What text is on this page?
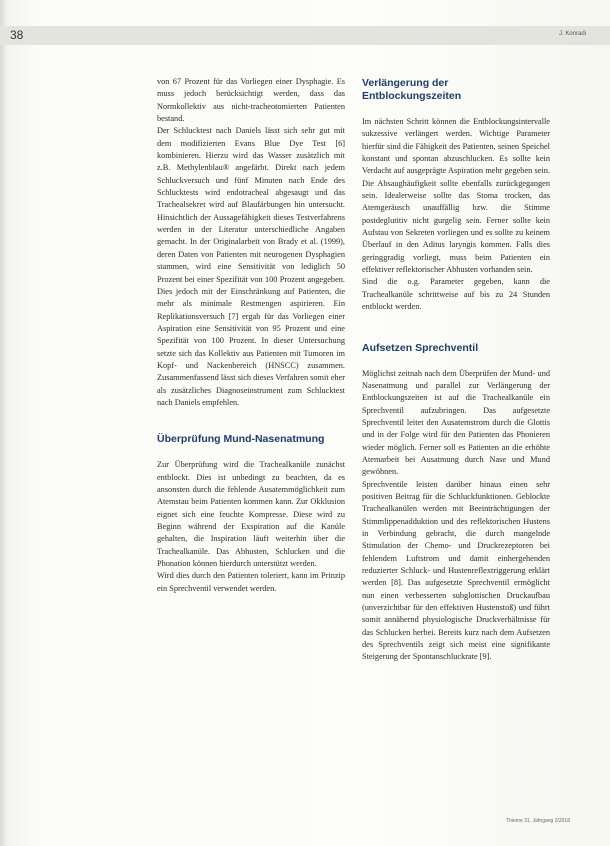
38	J. Konradi

von 67 Prozent für das Vorliegen einer Dysphagie. Es muss jedoch berücksichtigt werden, dass das Normkollektiv aus nicht-tracheotomierten Patienten bestand.

Der Schlucktest nach Daniels lässt sich sehr gut mit dem modifizierten Evans Blue Dye Test [6] kombinieren. Hierzu wird das Wasser zusätzlich mit z.B. Methylenblau® angefärbt. Direkt nach jedem Schluckversuch und fünf Minuten nach Ende des Schlucktests wird endotracheal abgesaugt und das Trachealsekret wird auf Blaufärbungen hin untersucht. Hinsichtlich der Aussagefähigkeit dieses Testverfahrens werden in der Literatur unterschiedliche Angaben gemacht. In der Originalarbeit von Brady et al. (1999), deren Daten von Patienten mit neurogenen Dysphagien stammen, wird eine Sensitivität von lediglich 50 Prozent bei einer Spezifität von 100 Prozent angegeben. Dies jedoch mit der Einschränkung auf Patienten, die mehr als minimale Restmengen aspirieren. Ein Replikationsversuch [7] ergab für das Vorliegen einer Aspiration eine Sensitivität von 95 Prozent und eine Spezifität von 100 Prozent. In dieser Untersuchung setzte sich das Kollektiv aus Patienten mit Tumoren im Kopf- und Nackenbereich (HNSCC) zusammen. Zusammenfassend lässt sich dieses Verfahren somit eher als zusätzliches Diagnoseinstrument zum Schlucktest nach Daniels empfehlen.

Überprüfung Mund-Nasenatmung

Zur Überprüfung wird die Trachealkanüle zunächst entblockt. Dies ist unbedingt zu beachten, da es ansonsten durch die fehlende Ausatemmöglichkeit zum Atemstau beim Patienten kommen kann. Zur Okklusion eignet sich eine feuchte Kompresse. Diese wird zu Beginn während der Exspiration auf die Kanüle gehalten, die Inspiration läuft weiterhin über die Trachealkanüle. Das Abhusten, Schlucken und die Phonation können hierdurch unterstützt werden.

Wird dies durch den Patienten toleriert, kann im Prinzip ein Sprechventil verwendet werden.

Verlängerung der Entblockungszeiten

Im nächsten Schritt können die Entblockungsintervalle sukzessive verlängert werden. Wichtige Parameter hierfür sind die Fähigkeit des Patienten, seinen Speichel konstant und spontan abzuschlucken. Es sollte kein Verdacht auf ausgeprägte Aspiration mehr gegeben sein. Die Absaughäufigkeit sollte ebenfalls zurückgegangen sein. Idealerweise sollte das Stoma trocken, das Atemgeräusch unauffällig bzw. die Stimme postdeglutitiv nicht gurgelig sein. Ferner sollte kein Aufstau von Sekreten vorliegen und es sollte zu keinem Überlauf in den Aditus laryngis kommen. Falls dies geringgradig vorliegt, muss beim Patienten ein effektiver reflektorischer Abhusten vorhanden sein.

Sind die o.g. Parameter gegeben, kann die Trachealkanüle schrittweise auf bis zu 24 Stunden entblockt werden.

Aufsetzen Sprechventil

Möglichst zeitnah nach dem Überprüfen der Mund- und Nasenatmung und parallel zur Verlängerung der Entblockungszeiten ist auf die Trachealkanüle ein Sprechventil aufzubringen. Das aufgesetzte Sprechventil leitet den Ausatemstrom durch die Glottis und in der Folge wird für den Patienten das Phonieren wieder möglich. Ferner soll es Patienten an die erhöhte Atemarbeit bei Ausatmung durch Nase und Mund gewöhnen.

Sprechventile leisten darüber hinaus einen sehr positiven Beitrag für die Schluckfunktionen. Geblockte Trachealkanülen werden mit Beeinträchtigungen der Stimmlippenadduktion und des reflektorischen Hustens in Verbindung gebracht, die durch mangelnde Stimulation der Chemo- und Druckrezeptoren bei fehlendem Luftstrom und damit einhergehenden reduzierter Schluck- und Hustenreflextriggerung erklärt werden [8]. Das aufgesetzte Sprechventil ermöglicht nun einen verbesserten subglottischen Druckaufbau (unverzichtbar für den effektiven Hustenstoß) und führt somit annähernd physiologische Druckverhältnisse für das Schlucken herbei. Bereits kurz nach dem Aufsetzen des Sprechventils zeigt sich meist eine signifikante Steigerung der Spontanschluckrate [9].

Thieme 31. Jahrgang 2/2018
